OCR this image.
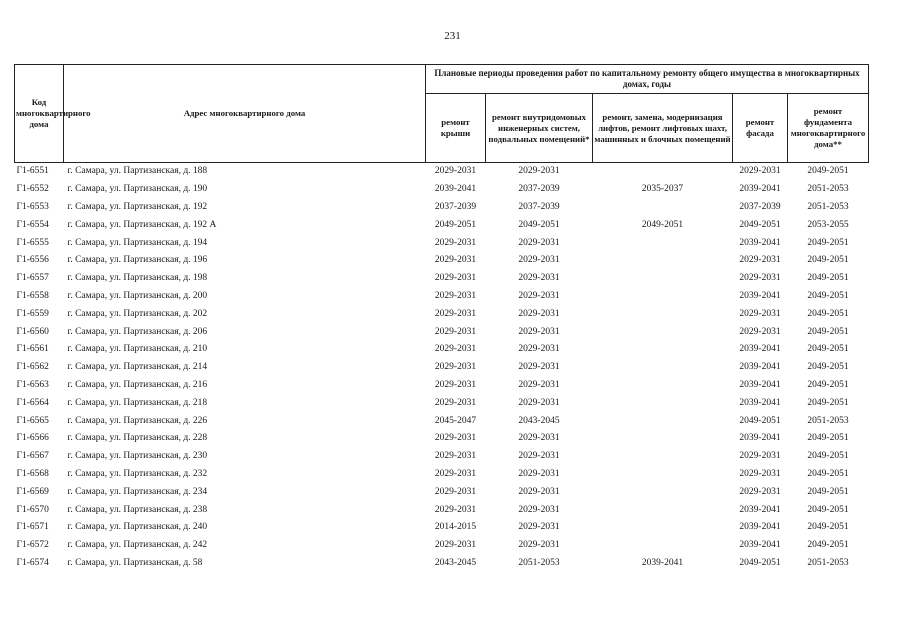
231
Код многоквартирного дома	Адрес многоквартирного дома	Плановые периоды проведения работ по капитальному ремонту общего имущества в многоквартирных домах, годы				
		ремонт крыши	ремонт внутридомовых инженерных систем, подвальных помещений*	ремонт, замена, модернизация лифтов, ремонт лифтовых шахт, машинных и блочных помещений	ремонт фасада	ремонт фундамента многоквартирного дома**
Г1-6551	г. Самара, ул. Партизанская, д. 188	2029-2031	2029-2031		2029-2031	2049-2051
Г1-6552	г. Самара, ул. Партизанская, д. 190	2039-2041	2037-2039	2035-2037	2039-2041	2051-2053
Г1-6553	г. Самара, ул. Партизанская, д. 192	2037-2039	2037-2039		2037-2039	2051-2053
Г1-6554	г. Самара, ул. Партизанская, д. 192 А	2049-2051	2049-2051	2049-2051	2049-2051	2053-2055
Г1-6555	г. Самара, ул. Партизанская, д. 194	2029-2031	2029-2031		2039-2041	2049-2051
Г1-6556	г. Самара, ул. Партизанская, д. 196	2029-2031	2029-2031		2029-2031	2049-2051
Г1-6557	г. Самара, ул. Партизанская, д. 198	2029-2031	2029-2031		2029-2031	2049-2051
Г1-6558	г. Самара, ул. Партизанская, д. 200	2029-2031	2029-2031		2039-2041	2049-2051
Г1-6559	г. Самара, ул. Партизанская, д. 202	2029-2031	2029-2031		2029-2031	2049-2051
Г1-6560	г. Самара, ул. Партизанская, д. 206	2029-2031	2029-2031		2029-2031	2049-2051
Г1-6561	г. Самара, ул. Партизанская, д. 210	2029-2031	2029-2031		2039-2041	2049-2051
Г1-6562	г. Самара, ул. Партизанская, д. 214	2029-2031	2029-2031		2039-2041	2049-2051
Г1-6563	г. Самара, ул. Партизанская, д. 216	2029-2031	2029-2031		2039-2041	2049-2051
Г1-6564	г. Самара, ул. Партизанская, д. 218	2029-2031	2029-2031		2039-2041	2049-2051
Г1-6565	г. Самара, ул. Партизанская, д. 226	2045-2047	2043-2045		2049-2051	2051-2053
Г1-6566	г. Самара, ул. Партизанская, д. 228	2029-2031	2029-2031		2039-2041	2049-2051
Г1-6567	г. Самара, ул. Партизанская, д. 230	2029-2031	2029-2031		2029-2031	2049-2051
Г1-6568	г. Самара, ул. Партизанская, д. 232	2029-2031	2029-2031		2029-2031	2049-2051
Г1-6569	г. Самара, ул. Партизанская, д. 234	2029-2031	2029-2031		2029-2031	2049-2051
Г1-6570	г. Самара, ул. Партизанская, д. 238	2029-2031	2029-2031		2039-2041	2049-2051
Г1-6571	г. Самара, ул. Партизанская, д. 240	2014-2015	2029-2031		2039-2041	2049-2051
Г1-6572	г. Самара, ул. Партизанская, д. 242	2029-2031	2029-2031		2039-2041	2049-2051
Г1-6574	г. Самара, ул. Партизанская, д. 58	2043-2045	2051-2053	2039-2041	2049-2051	2051-2053
